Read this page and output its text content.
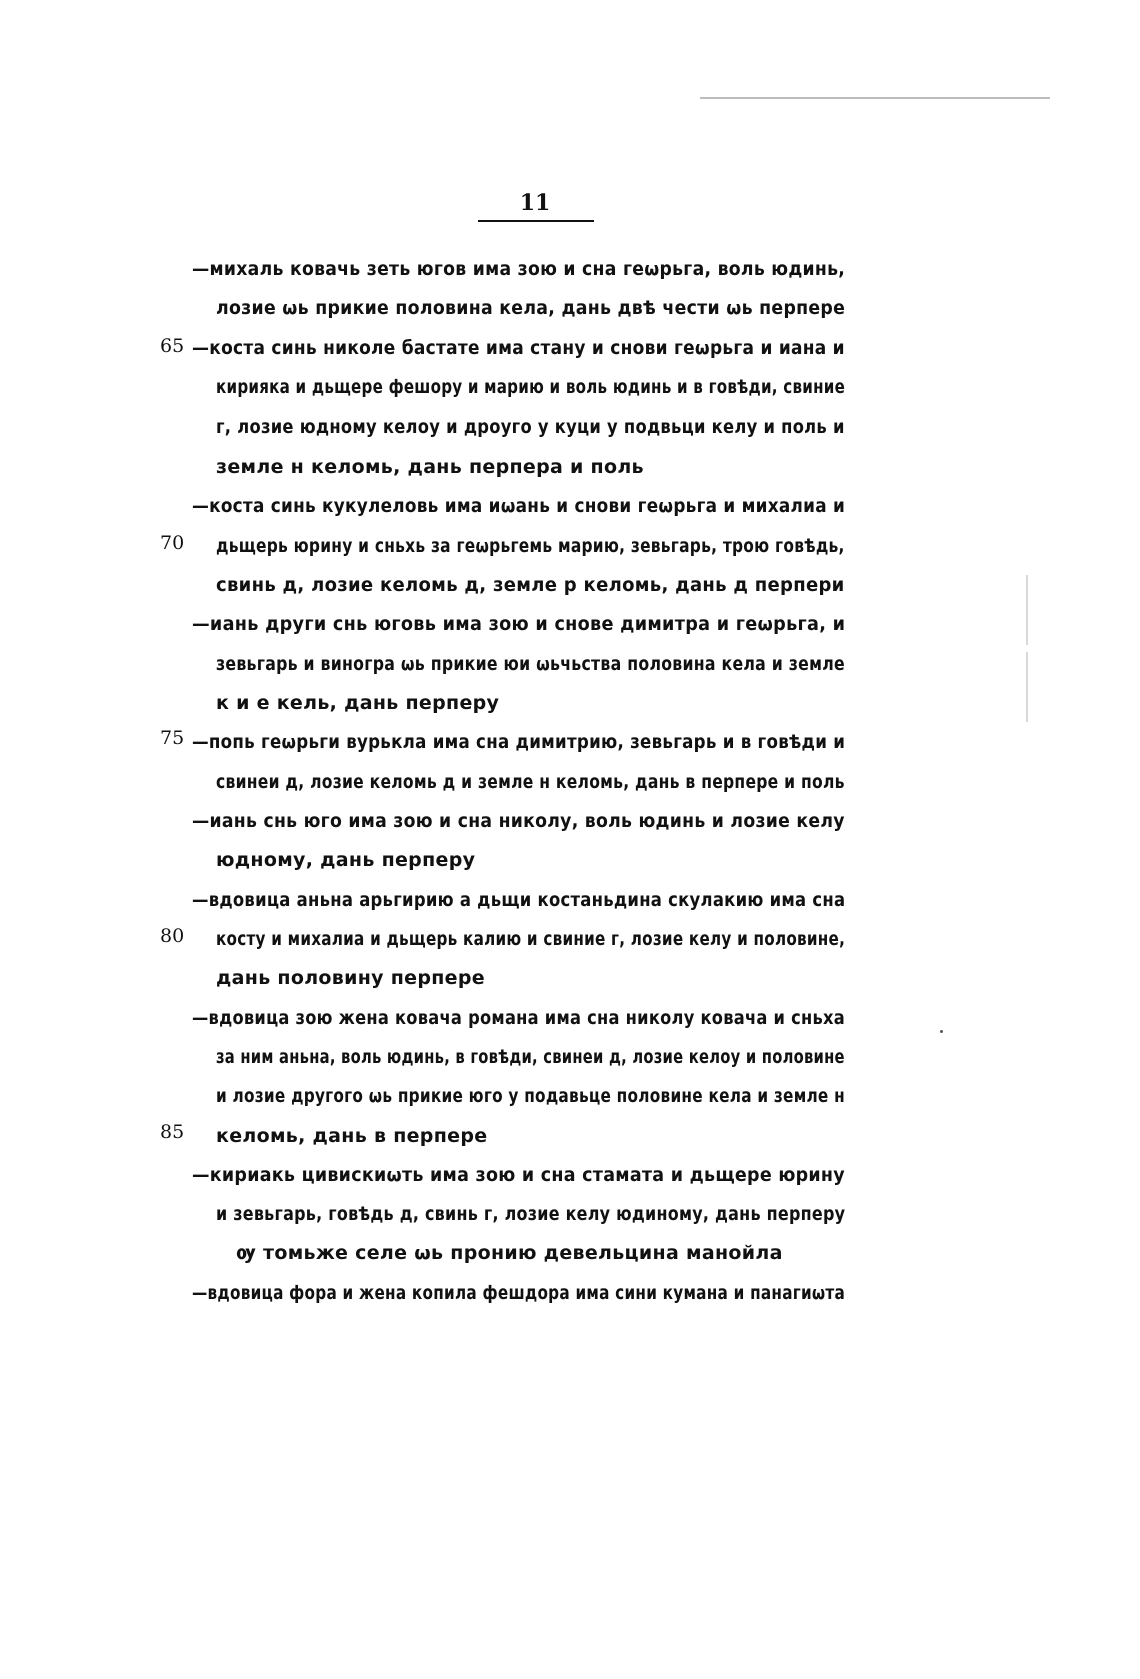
11
—михаль ковачь зеть югов има зою и сна геωрьга, воль юдинь,
лозие ωь прикие половина кела, дань двѣ чести ωь перпере
65 —коста синь николе бастате има стану и снови геωрьга и иана и
кирияка и дьщере фешору и марию и воль юдинь и в говѣди, свиние
г, лозие юдному келоу и дроуго у куци у подвьци келу и поль и
земле н келомь, дань перпера и поль
—коста синь кукулеловь има иωань и снови геωрьга и михалиа и
70 дьщерь юрину и сньхь за геωрьгемь марию, зевьгарь, трою говѣдь,
свинь д, лозие келомь д, земле р келомь, дань д перпери
—иань други снь юговь има зою и снове димитра и геωрьга, и
зевьгарь и виногра ωь прикие юи ωьчьства половина кела и земле
к и е кель, дань перперу
75 —попь геωрьги вурькла има сна димитрию, зевьгарь и в говѣди и
свинеи д, лозие келомь д и земле н келомь, дань в перпере и поль
—иань снь юго има зою и сна николу, воль юдинь и лозие келу
юдному, дань перперу
—вдовица аньна арьгирию а дьщи костаньдина скулакию има сна
80 косту и михалиа и дьщерь калию и свиние г, лозие келу и половине,
дань половину перпере
—вдовица зою жена ковача романа има сна николу ковача и сньха
за ним аньна, воль юдинь, в говѣди, свинеи д, лозие келоу и половине
и лозие другого ωь прикие юго у подавьце половине кела и земле н
85 келомь, дань в перпере
—кириакь цивискиωть има зою и сна стамата и дьщере юрину
и зевьгарь, говѣдь д, свинь г, лозие келу юдиному, дань перперу
ѹ томьже селе ωь пронию девельцина манойла
—вдовица фора и жена копила фешдора има сини кумана и панагиωта
